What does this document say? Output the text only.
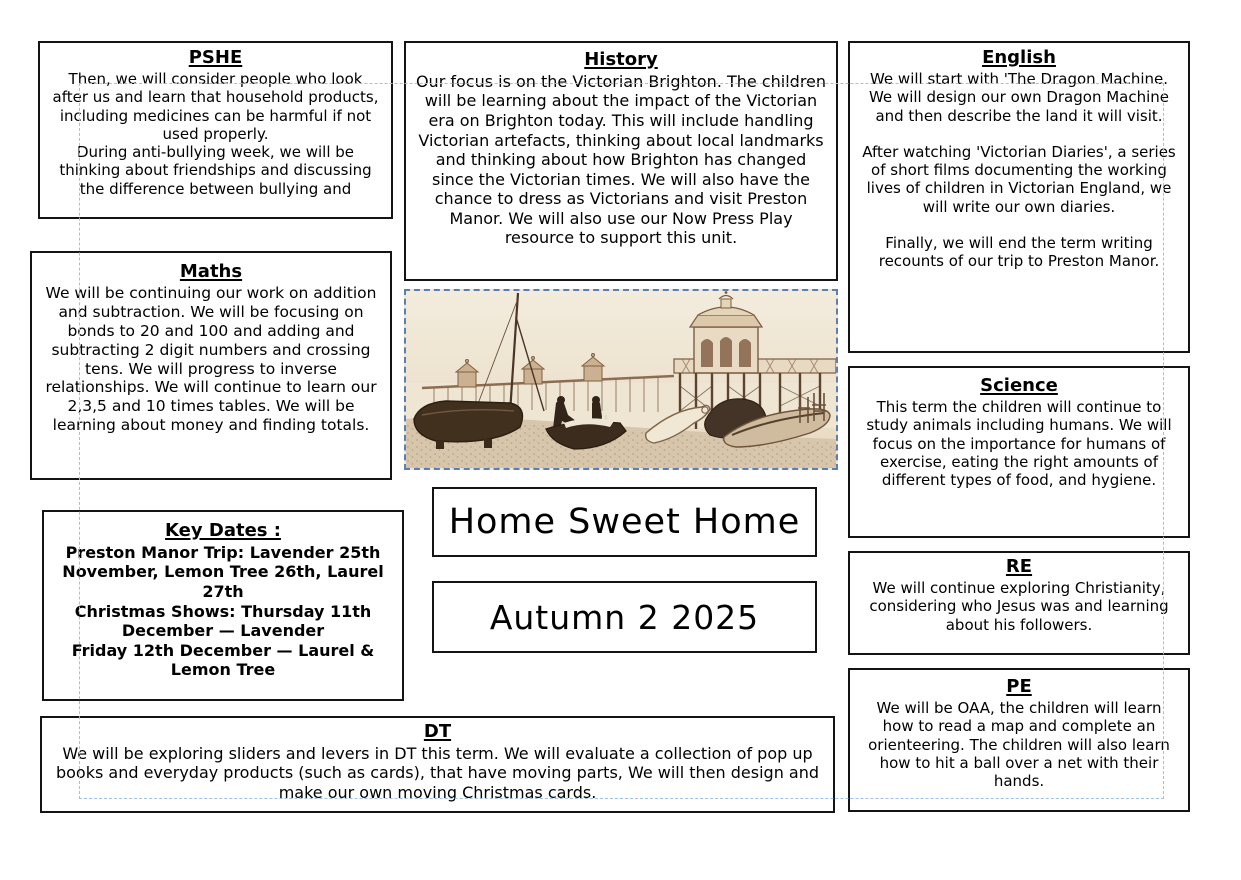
PSHE

Then, we will consider people who look after us and learn that household products, including medicines can be harmful if not used properly.

During anti-bullying week, we will be thinking about friendships and discussing the difference between bullying and

History

Our focus is on the Victorian Brighton. The children will be learning about the impact of the Victorian era on Brighton today. This will include handling Victorian artefacts, thinking about local landmarks and thinking about how Brighton has changed since the Victorian times. We will also have the chance to dress as Victorians and visit Preston Manor. We will also use our Now Press Play resource to support this unit.

English

We will start with 'The Dragon Machine. We will design our own Dragon Machine and then describe the land it will visit.

After watching 'Victorian Diaries', a series of short films documenting the working lives of children in Victorian England, we will write our own diaries.

Finally, we will end the term writing recounts of our trip to Preston Manor.

Maths

We will be continuing our work on addition and subtraction. We will be focusing on bonds to 20 and 100 and adding and subtracting 2 digit numbers and crossing tens. We will progress to inverse relationships. We will continue to learn our 2,3,5 and 10 times tables. We will be learning about money and finding totals.

Home Sweet Home
Autumn 2 2025
Science

This term the children will continue to study animals including humans. We will focus on the importance for humans of exercise, eating the right amounts of different types of food, and hygiene.

Key Dates :

Preston Manor Trip: Lavender 25th November, Lemon Tree 26th, Laurel 27th

Christmas Shows: Thursday 11th December — Lavender

Friday 12th December — Laurel & Lemon Tree

RE

We will continue exploring Christianity, considering who Jesus was and learning about his followers.

PE

We will be OAA, the children will learn how to read a map and complete an orienteering. The children will also learn how to hit a ball over a net with their hands.

DT

We will be exploring sliders and levers in DT this term. We will evaluate a collection of pop up books and everyday products (such as cards), that have moving parts, We will then design and make our own moving Christmas cards.
